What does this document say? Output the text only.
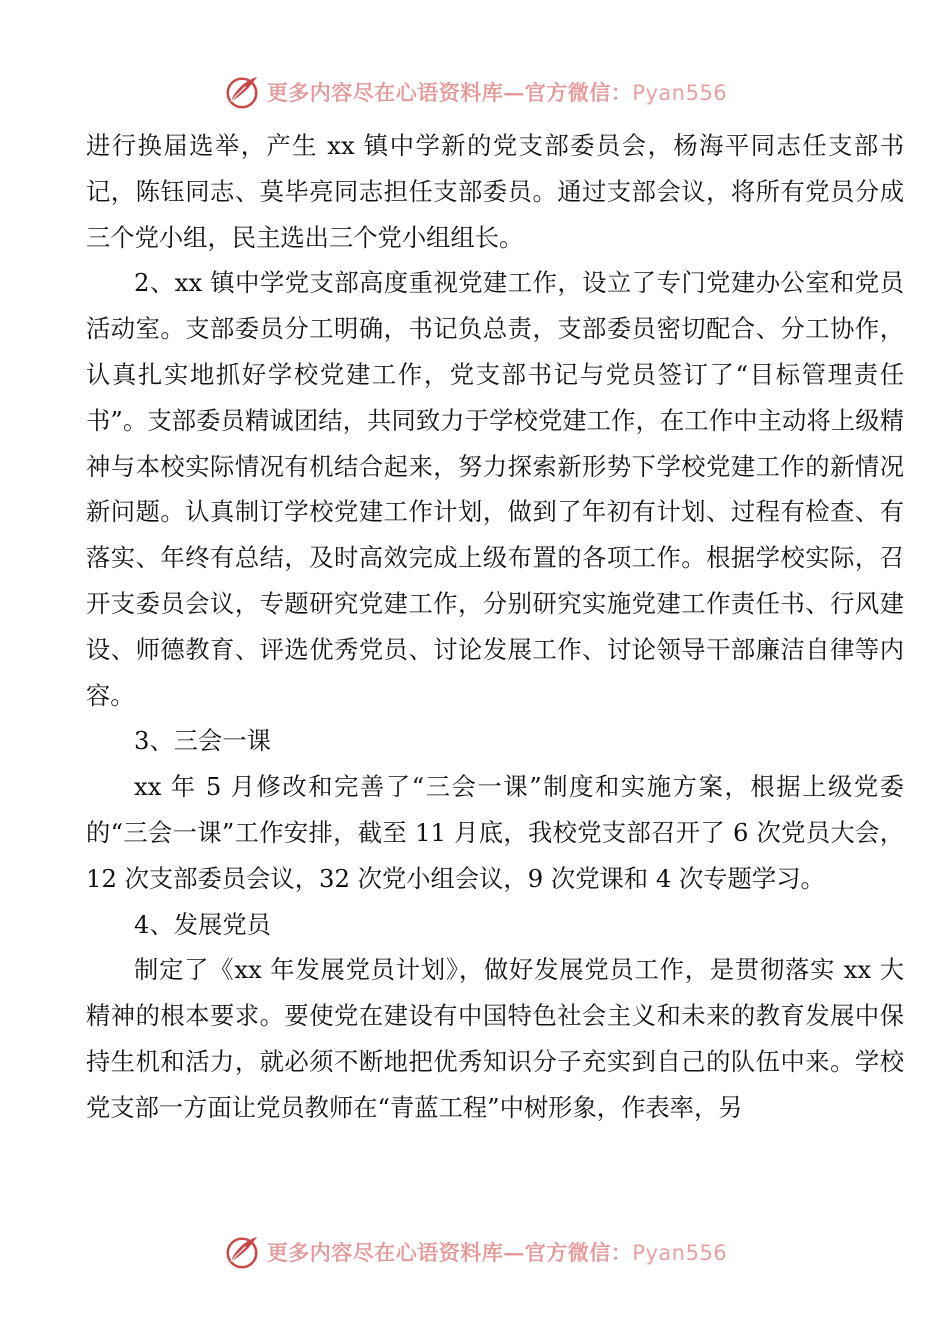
更多内容尽在心语资料库—官方微信：Pyan556

进行换届选举，产生 xx 镇中学新的党支部委员会，杨海平同志任支部书记，陈钰同志、莫毕亮同志担任支部委员。通过支部会议，将所有党员分成三个党小组，民主选出三个党小组组长。

2、xx 镇中学党支部高度重视党建工作，设立了专门党建办公室和党员活动室。支部委员分工明确，书记负总责，支部委员密切配合、分工协作，认真扎实地抓好学校党建工作，党支部书记与党员签订了“目标管理责任书”。支部委员精诚团结，共同致力于学校党建工作，在工作中主动将上级精神与本校实际情况有机结合起来，努力探索新形势下学校党建工作的新情况新问题。认真制订学校党建工作计划，做到了年初有计划、过程有检查、有落实、年终有总结，及时高效完成上级布置的各项工作。根据学校实际，召开支委员会议，专题研究党建工作，分别研究实施党建工作责任书、行风建设、师德教育、评选优秀党员、讨论发展工作、讨论领导干部廉洁自律等内容。

3、三会一课

xx 年 5 月修改和完善了“三会一课”制度和实施方案，根据上级党委的“三会一课”工作安排，截至 11 月底，我校党支部召开了 6 次党员大会，12 次支部委员会议，32 次党小组会议，9 次党课和 4 次专题学习。

4、发展党员

制定了《xx 年发展党员计划》，做好发展党员工作，是贯彻落实 xx 大精神的根本要求。要使党在建设有中国特色社会主义和未来的教育发展中保持生机和活力，就必须不断地把优秀知识分子充实到自己的队伍中来。学校党支部一方面让党员教师在“青蓝工程”中树形象，作表率，另

更多内容尽在心语资料库—官方微信：Pyan556
